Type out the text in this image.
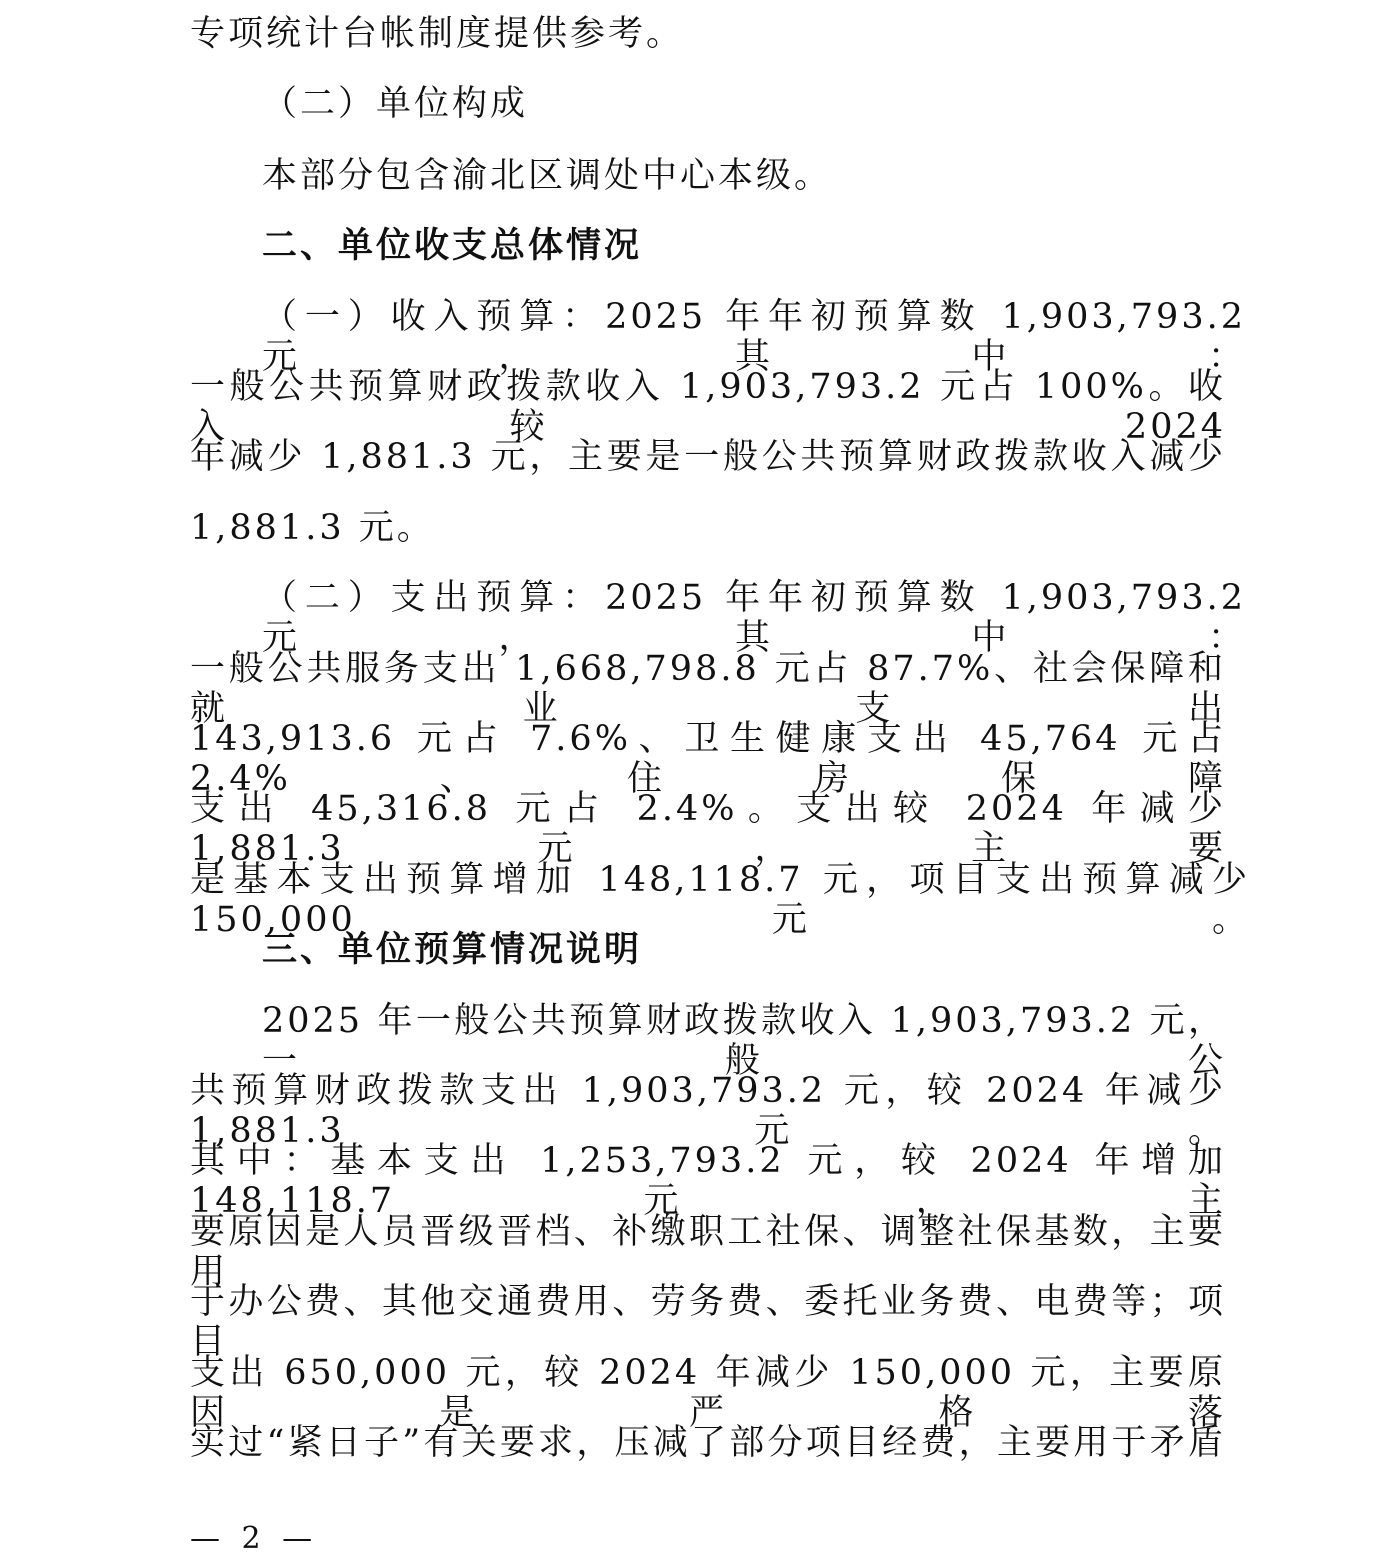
专项统计台帐制度提供参考。
（二）单位构成
本部分包含渝北区调处中心本级。
二、单位收支总体情况
（一）收入预算：2025 年年初预算数 1,903,793.2 元，其中：
一般公共预算财政拨款收入 1,903,793.2 元占 100%。收入较 2024
年减少 1,881.3 元，主要是一般公共预算财政拨款收入减少
1,881.3 元。
（二）支出预算：2025 年年初预算数 1,903,793.2 元，其中：
一般公共服务支出 1,668,798.8 元占 87.7%、社会保障和就业支出
143,913.6 元占 7.6%、卫生健康支出 45,764 元占 2.4%、住房保障
支出 45,316.8 元占 2.4%。支出较 2024 年减少 1,881.3 元，主要
是基本支出预算增加 148,118.7 元，项目支出预算减少 150,000 元。
三、单位预算情况说明
2025 年一般公共预算财政拨款收入 1,903,793.2 元，一般公
共预算财政拨款支出 1,903,793.2 元，较 2024 年减少 1,881.3 元。
其中：基本支出 1,253,793.2 元，较 2024 年增加 148,118.7 元，主
要原因是人员晋级晋档、补缴职工社保、调整社保基数，主要用
于办公费、其他交通费用、劳务费、委托业务费、电费等；项目
支出 650,000 元，较 2024 年减少 150,000 元，主要原因是严格落
实过“紧日子”有关要求，压减了部分项目经费，主要用于矛盾
— 2 —
